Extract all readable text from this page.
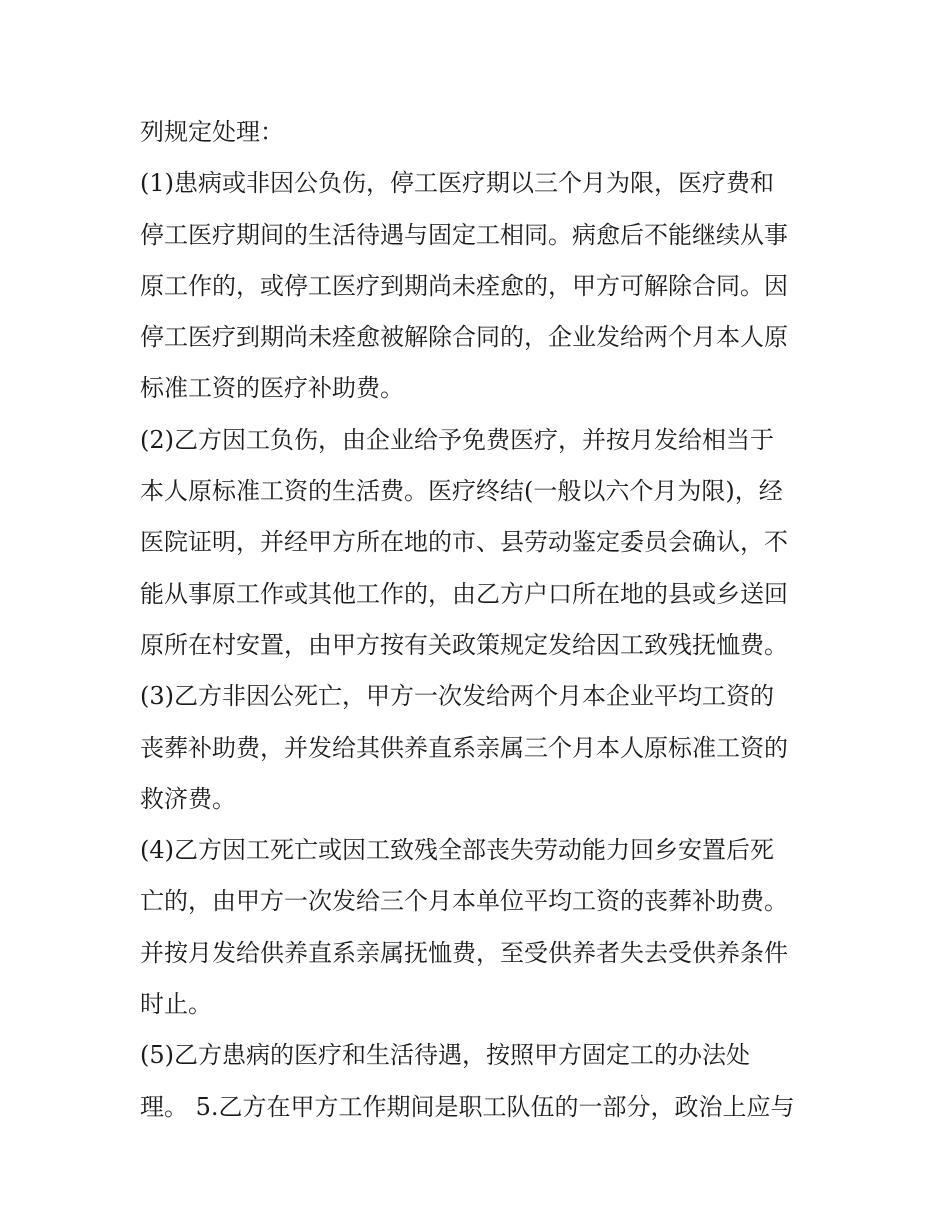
列规定处理：
(1)患病或非因公负伤，停工医疗期以三个月为限，医疗费和
停工医疗期间的生活待遇与固定工相同。病愈后不能继续从事
原工作的，或停工医疗到期尚未痊愈的，甲方可解除合同。因
停工医疗到期尚未痊愈被解除合同的，企业发给两个月本人原
标准工资的医疗补助费。
(2)乙方因工负伤，由企业给予免费医疗，并按月发给相当于
本人原标准工资的生活费。医疗终结(一般以六个月为限)，经
医院证明，并经甲方所在地的市、县劳动鉴定委员会确认，不
能从事原工作或其他工作的，由乙方户口所在地的县或乡送回
原所在村安置，由甲方按有关政策规定发给因工致残抚恤费。
(3)乙方非因公死亡，甲方一次发给两个月本企业平均工资的
丧葬补助费，并发给其供养直系亲属三个月本人原标准工资的
救济费。
(4)乙方因工死亡或因工致残全部丧失劳动能力回乡安置后死
亡的，由甲方一次发给三个月本单位平均工资的丧葬补助费。
并按月发给供养直系亲属抚恤费，至受供养者失去受供养条件
时止。
(5)乙方患病的医疗和生活待遇，按照甲方固定工的办法处
理。 5.乙方在甲方工作期间是职工队伍的一部分，政治上应与
